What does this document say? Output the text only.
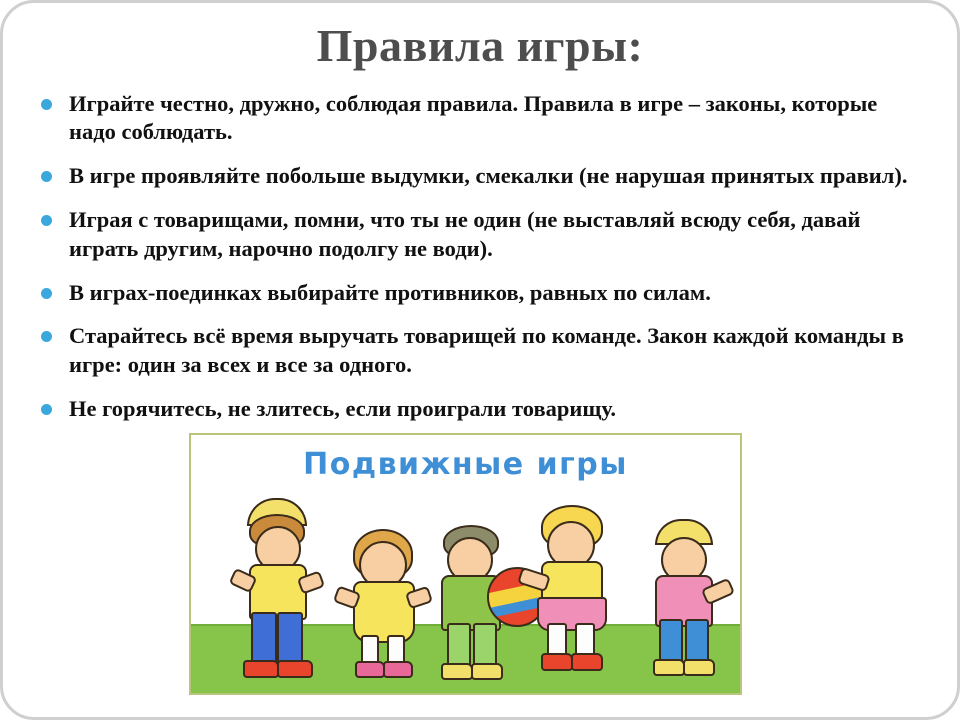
Правила игры:
Играйте честно, дружно, соблюдая правила. Правила в игре – законы, которые надо соблюдать.
В игре проявляйте побольше выдумки, смекалки (не нарушая принятых правил).
Играя с товарищами, помни, что ты не один (не выставляй всюду себя, давай играть другим, нарочно подолгу не води).
В играх-поединках выбирайте противников, равных по силам.
Старайтесь всё время выручать товарищей по команде. Закон каждой команды в игре: один за всех и все за одного.
Не горячитесь, не злитесь, если проиграли товарищу.
Подвижные игры
